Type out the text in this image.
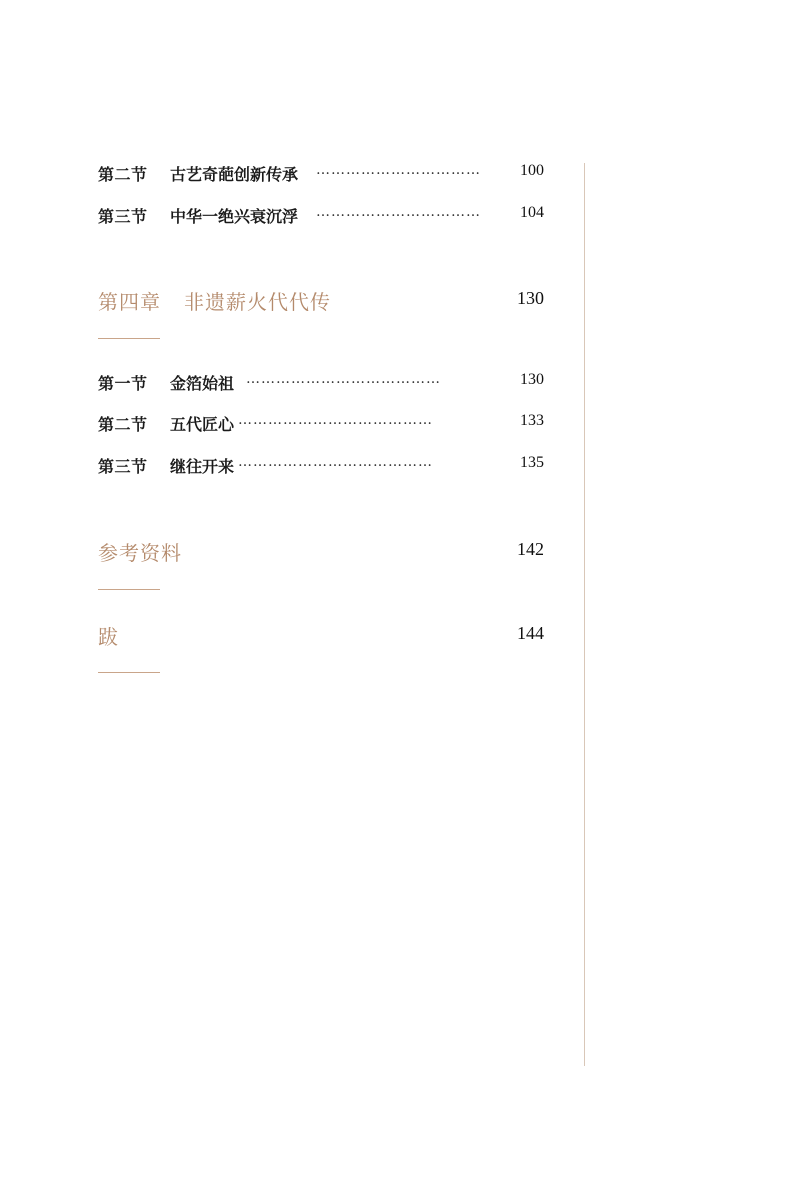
第二节 古艺奇葩创新传承 ……………………………	100
第三节 中华一绝兴衰沉浮 ……………………………	104
第四章 非遗薪火代代传	130
第一节 金箔始祖 …………………………………	130
第二节 五代匠心 …………………………………	133
第三节 继往开来 …………………………………	135
参考资料	142
跋	144
